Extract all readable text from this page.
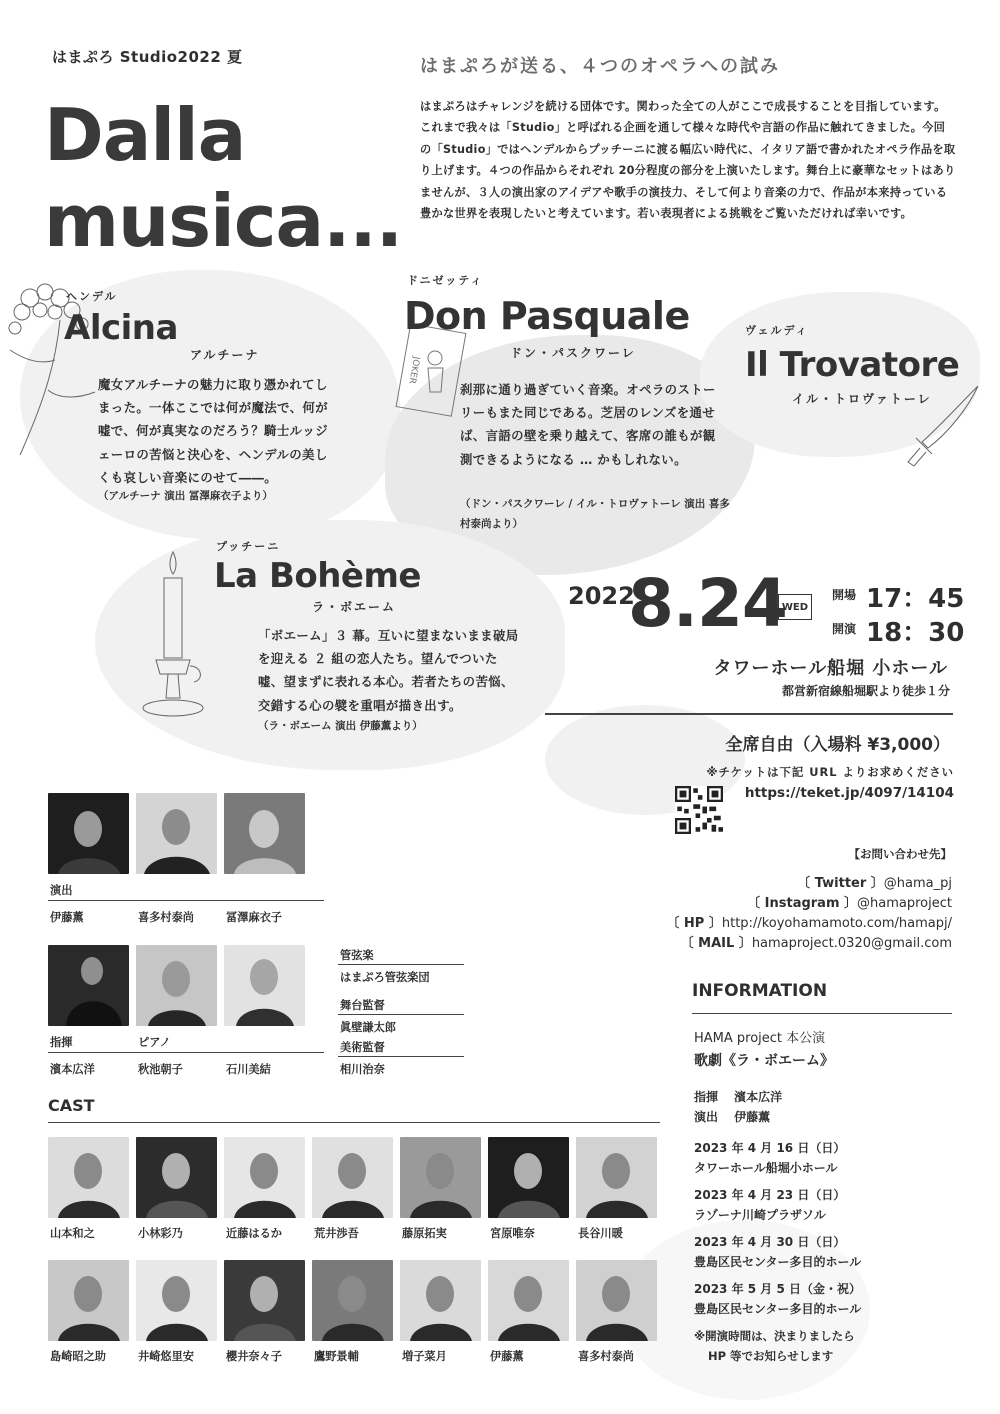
はまぷろ Studio2022 夏	はまぷろが送る、４つのオペラへの試み
Dalla
musica...
はまぷろはチャレンジを続ける団体です。関わった全ての人がここで成長することを目指しています。これまで我々は「Studio」と呼ばれる企画を通して様々な時代や言語の作品に触れてきました。今回の「Studio」ではヘンデルからプッチーニに渡る幅広い時代に、イタリア語で書かれたオペラ作品を取り上げます。４つの作品からそれぞれ 20分程度の部分を上演いたします。舞台上に豪華なセットはありませんが、３人の演出家のアイデアや歌手の演技力、そして何より音楽の力で、作品が本来持っている豊かな世界を表現したいと考えています。若い表現者による挑戦をご覧いただければ幸いです。
ヘンデル
Alcina
アルチーナ
魔女アルチーナの魅力に取り憑かれてしまった。一体ここでは何が魔法で、何が嘘で、何が真実なのだろう？騎士ルッジェーロの苦悩と決心を、ヘンデルの美しくも哀しい音楽にのせて――。
（アルチーナ 演出 冨澤麻衣子より）
JOKER
ドニゼッティ
Don Pasquale
ドン・パスクワーレ
刹那に通り過ぎていく音楽。オペラのストーリーもまた同じである。芝居のレンズを通せば、言語の壁を乗り越えて、客席の誰もが観測できるようになる … かもしれない。
（ドン・パスクワーレ / イル・トロヴァトーレ 演出 喜多村泰尚より）
ヴェルディ
Il Trovatore
イル・トロヴァトーレ
プッチーニ
La Bohème
ラ・ボエーム
「ボエーム」３ 幕。互いに望まないまま破局を迎える ２ 組の恋人たち。望んでついた 嘘、望まずに表れる本心。若者たちの苦悩、交錯する心の襞を重唱が描き出す。
（ラ・ボエーム 演出 伊藤薫より）
2022
8.24
WED
開場 17：45
開演 18：30
タワーホール船堀 小ホール
都営新宿線船堀駅より徒歩１分
全席自由（入場料 ¥3,000）
※チケットは下記 URL よりお求めください
https://teket.jp/4097/14104
【お問い合わせ先】
〔 Twitter 〕@hama_pj
〔 Instagram 〕@hamaproject
〔 HP 〕http://koyohamamoto.com/hamapj/
〔 MAIL 〕hamaproject.0320@gmail.com
INFORMATION
HAMA project 本公演
歌劇《ラ・ボエーム》
指揮　 濱本広洋
演出　 伊藤薫
2023 年 4 月 16 日（日）
タワーホール船堀小ホール
2023 年 4 月 23 日（日）
ラゾーナ川崎プラザソル
2023 年 4 月 30 日（日）
豊島区民センター多目的ホール
2023 年 5 月 5 日（金・祝）
豊島区民センター多目的ホール
※開演時間は、決まりましたら
HP 等でお知らせします
演出
伊藤薫	喜多村泰尚	冨澤麻衣子
指揮	ピアノ
濱本広洋	秋池朝子	石川美結
管弦楽
はまぷろ管弦楽団
舞台監督
眞壁謙太郎
美術監督
相川治奈
CAST
山本和之	小林彩乃	近藤はるか	荒井渉吾	藤原拓実	宮原唯奈	長谷川暖
島崎昭之助	井崎悠里安	櫻井奈々子	鷹野景輔	増子菜月	伊藤薫	喜多村泰尚
